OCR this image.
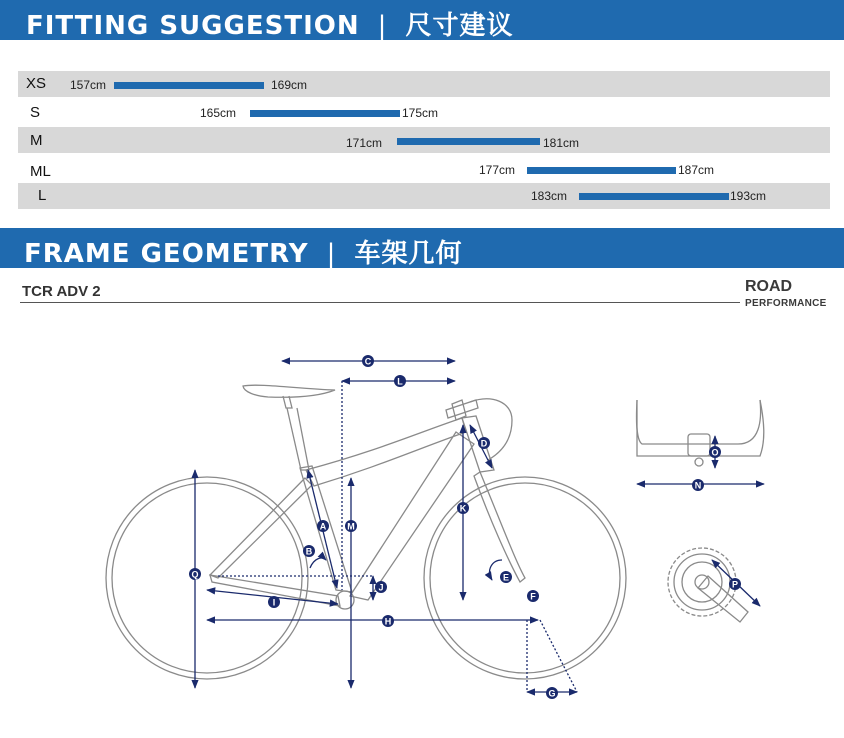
FITTING SUGGESTION | 尺寸建议
XS 157cm	169cm
S	165cm	175cm
M	171cm	181cm
ML	177cm	187cm
L	183cm	193cm
FRAME GEOMETRY | 车架几何
TCR ADV 2	ROAD
PERFORMANCE
A
B
C
D
E
F
G
H
I
J
K
L
M
N
O
P
Q
